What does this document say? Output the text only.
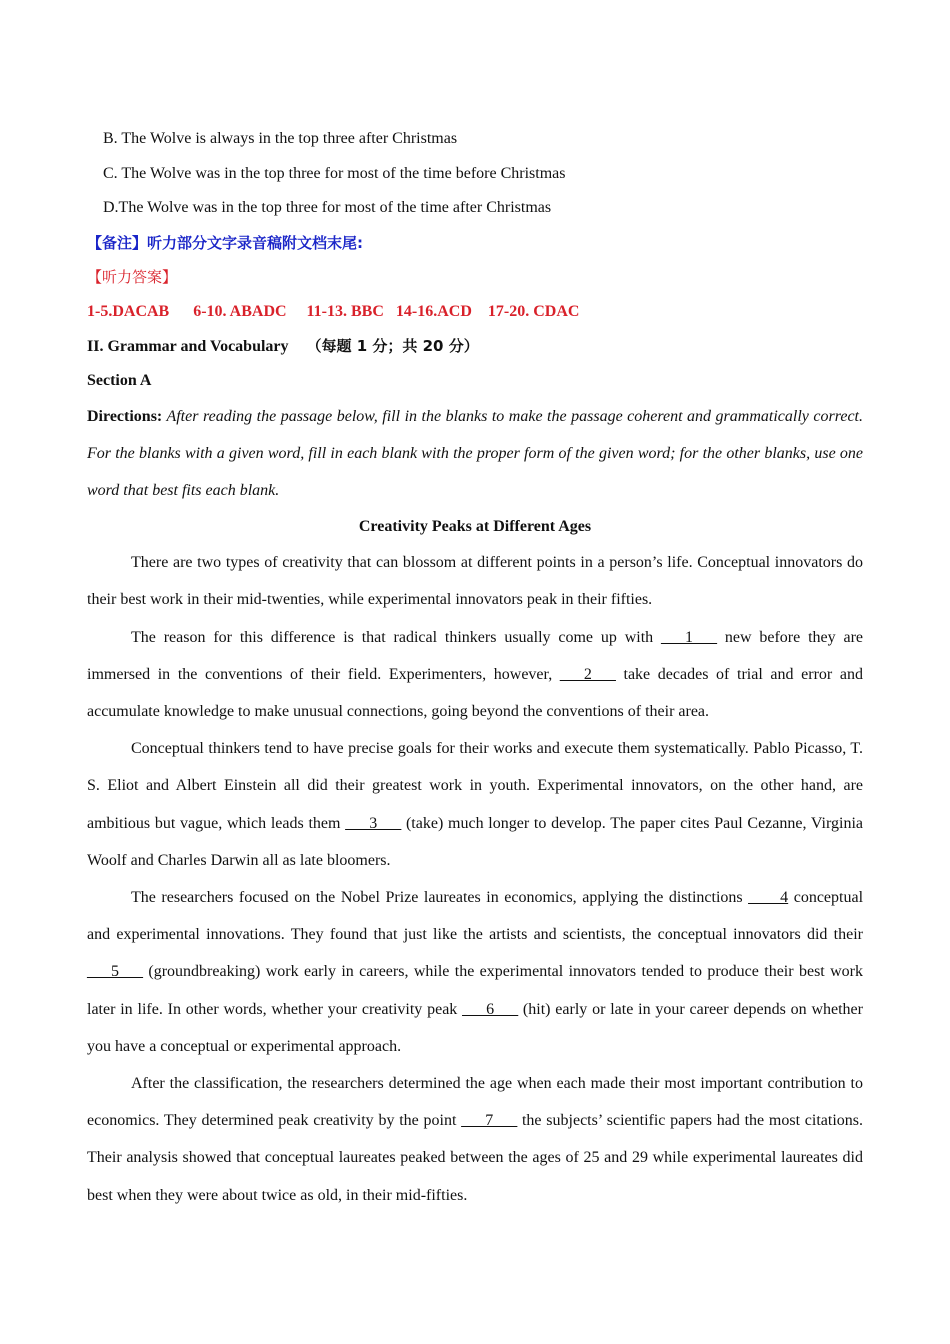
B. The Wolve is always in the top three after Christmas
C. The Wolve was in the top three for most of the time before Christmas
D.The Wolve was in the top three for most of the time after Christmas
【备注】听力部分文字录音稿附文档末尾:
【听力答案】
1-5.DACAB      6-10. ABADC     11-13. BBC   14-16.ACD    17-20. CDAC
II. Grammar and Vocabulary （每题 1 分；共 20 分）
Section A

Directions: After reading the passage below, fill in the blanks to make the passage coherent and grammatically correct. For the blanks with a given word, fill in each blank with the proper form of the given word; for the other blanks, use one word that best fits each blank.

Creativity Peaks at Different Ages

There are two types of creativity that can blossom at different points in a person’s life. Conceptual innovators do their best work in their mid-twenties, while experimental innovators peak in their fifties.

The reason for this difference is that radical thinkers usually come up with ___1___ new before they are immersed in the conventions of their field. Experimenters, however, ___2___ take decades of trial and error and accumulate knowledge to make unusual connections, going beyond the conventions of their area.

Conceptual thinkers tend to have precise goals for their works and execute them systematically. Pablo Picasso, T. S. Eliot and Albert Einstein all did their greatest work in youth. Experimental innovators, on the other hand, are ambitious but vague, which leads them ___3___ (take) much longer to develop. The paper cites Paul Cezanne, Virginia Woolf and Charles Darwin all as late bloomers.

The researchers focused on the Nobel Prize laureates in economics, applying the distinctions ____4 conceptual and experimental innovations. They found that just like the artists and scientists, the conceptual innovators did their ___5___ (groundbreaking) work early in careers, while the experimental innovators tended to produce their best work later in life. In other words, whether your creativity peak ___6___ (hit) early or late in your career depends on whether you have a conceptual or experimental approach.

After the classification, the researchers determined the age when each made their most important contribution to economics. They determined peak creativity by the point ___7___ the subjects’ scientific papers had the most citations. Their analysis showed that conceptual laureates peaked between the ages of 25 and 29 while experimental laureates did best when they were about twice as old, in their mid-fifties.
